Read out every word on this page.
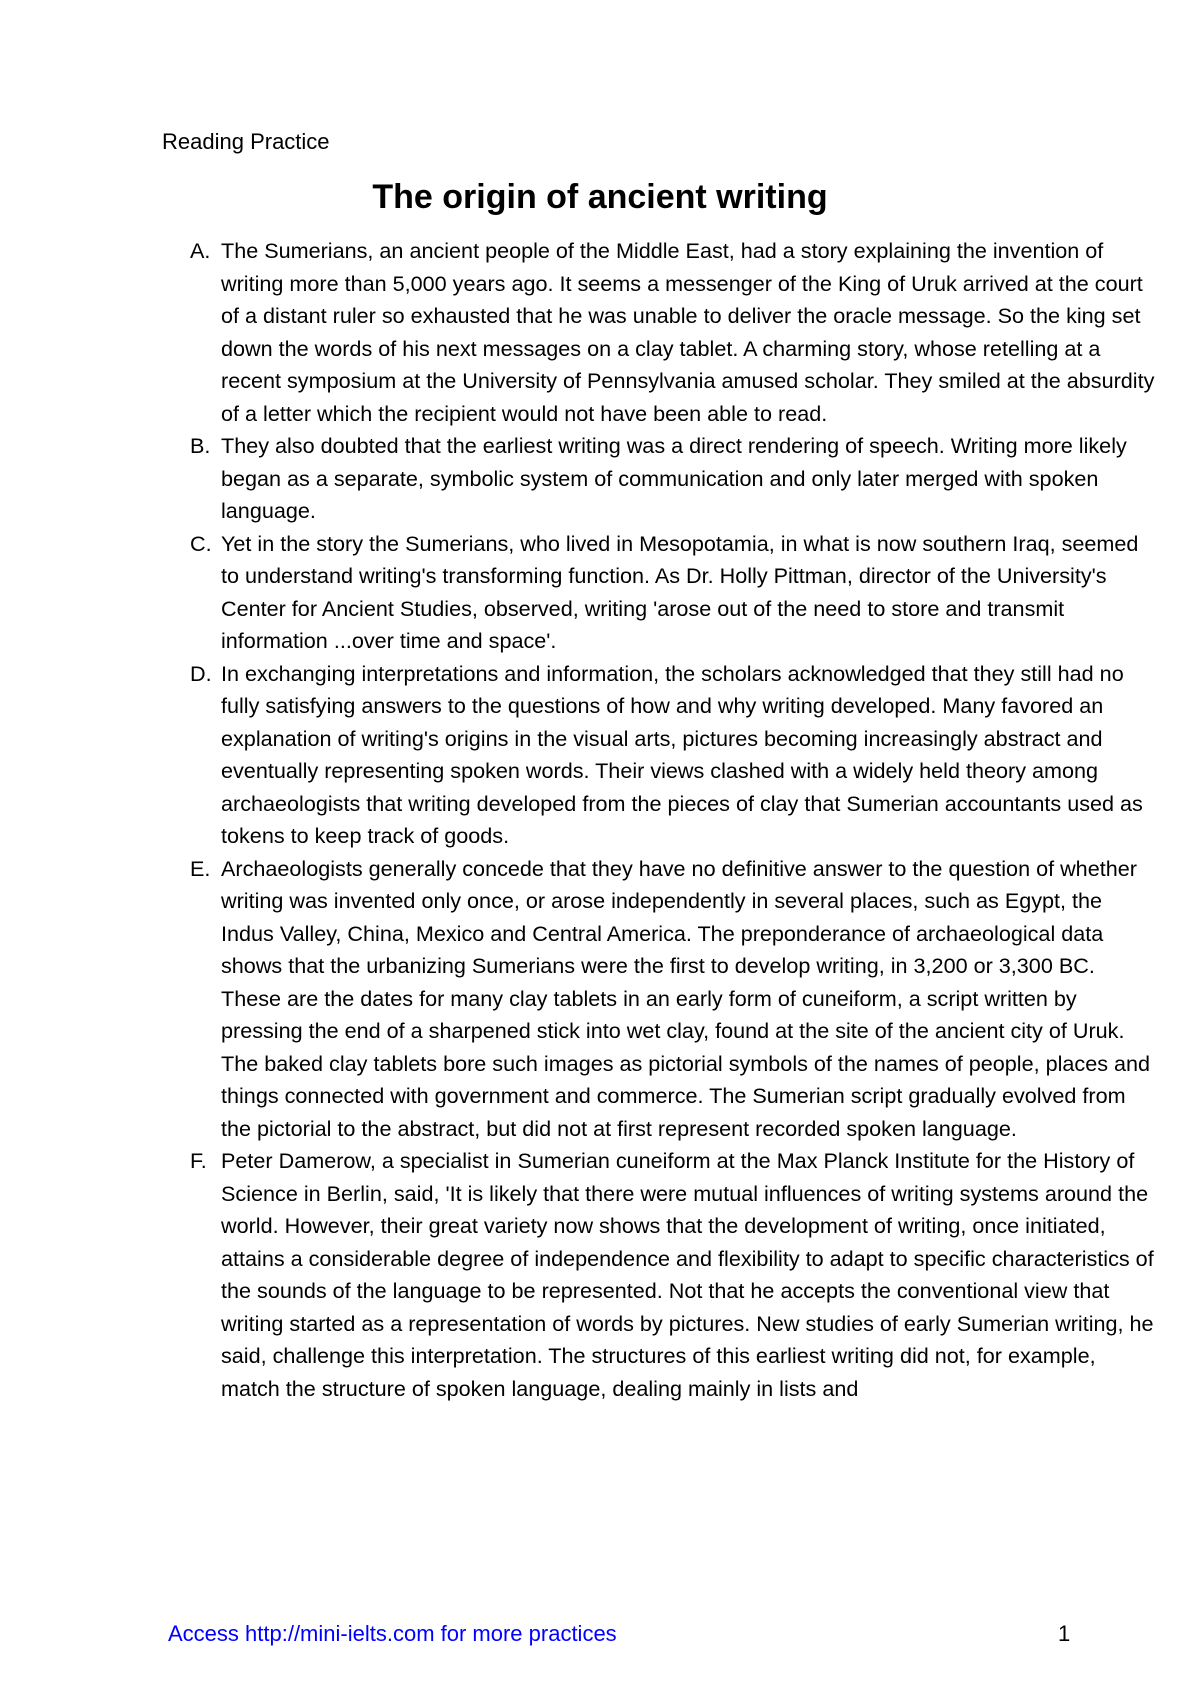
Reading Practice
The origin of ancient writing
A. The Sumerians, an ancient people of the Middle East, had a story explaining the invention of writing more than 5,000 years ago. It seems a messenger of the King of Uruk arrived at the court of a distant ruler so exhausted that he was unable to deliver the oracle message. So the king set down the words of his next messages on a clay tablet. A charming story, whose retelling at a recent symposium at the University of Pennsylvania amused scholar. They smiled at the absurdity of a letter which the recipient would not have been able to read.
B. They also doubted that the earliest writing was a direct rendering of speech. Writing more likely began as a separate, symbolic system of communication and only later merged with spoken language.
C. Yet in the story the Sumerians, who lived in Mesopotamia, in what is now southern Iraq, seemed to understand writing's transforming function. As Dr. Holly Pittman, director of the University's Center for Ancient Studies, observed, writing 'arose out of the need to store and transmit information ...over time and space'.
D. In exchanging interpretations and information, the scholars acknowledged that they still had no fully satisfying answers to the questions of how and why writing developed. Many favored an explanation of writing's origins in the visual arts, pictures becoming increasingly abstract and eventually representing spoken words. Their views clashed with a widely held theory among archaeologists that writing developed from the pieces of clay that Sumerian accountants used as tokens to keep track of goods.
E. Archaeologists generally concede that they have no definitive answer to the question of whether writing was invented only once, or arose independently in several places, such as Egypt, the Indus Valley, China, Mexico and Central America. The preponderance of archaeological data shows that the urbanizing Sumerians were the first to develop writing, in 3,200 or 3,300 BC. These are the dates for many clay tablets in an early form of cuneiform, a script written by pressing the end of a sharpened stick into wet clay, found at the site of the ancient city of Uruk. The baked clay tablets bore such images as pictorial symbols of the names of people, places and things connected with government and commerce. The Sumerian script gradually evolved from the pictorial to the abstract, but did not at first represent recorded spoken language.
F. Peter Damerow, a specialist in Sumerian cuneiform at the Max Planck Institute for the History of Science in Berlin, said, 'It is likely that there were mutual influences of writing systems around the world. However, their great variety now shows that the development of writing, once initiated, attains a considerable degree of independence and flexibility to adapt to specific characteristics of the sounds of the language to be represented. Not that he accepts the conventional view that writing started as a representation of words by pictures. New studies of early Sumerian writing, he said, challenge this interpretation. The structures of this earliest writing did not, for example, match the structure of spoken language, dealing mainly in lists and
Access http://mini-ielts.com for more practices	1
